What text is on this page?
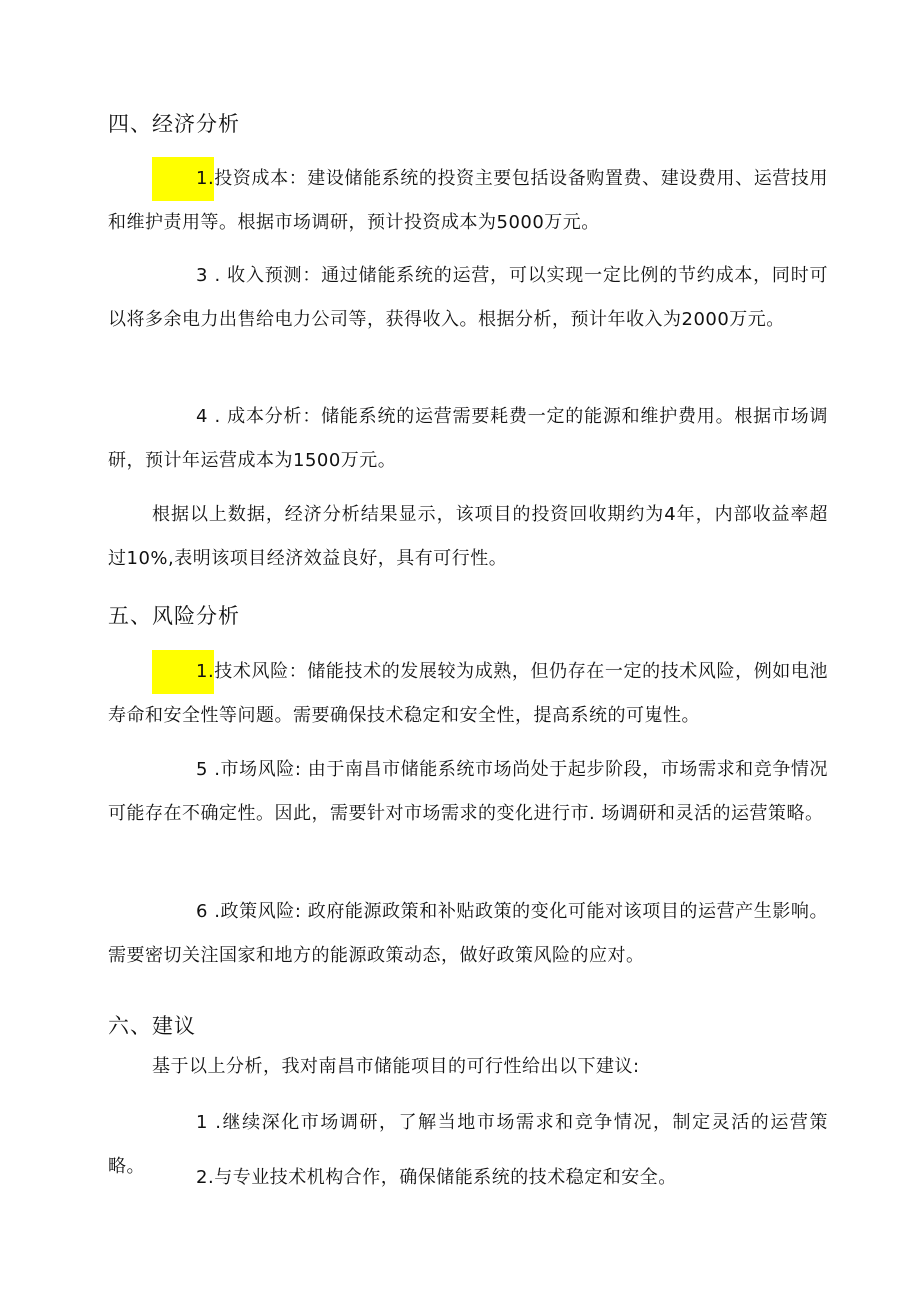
四、经济分析

1.投资成本：建设储能系统的投资主要包括设备购置费、建设费用、运营技用和维护责用等。根据市场调研，预计投资成本为5000万元。

3 . 收入预测：通过储能系统的运营，可以实现一定比例的节约成本，同时可以将多余电力出售给电力公司等，获得收入。根据分析，预计年收入为2000万元。

4 . 成本分析：储能系统的运营需要耗费一定的能源和维护费用。根据市场调研，预计年运营成本为1500万元。

根据以上数据，经济分析结果显示，该项目的投资回收期约为4年，内部收益率超过10%,表明该项目经济效益良好，具有可行性。

五、风险分析

1.技术风险：储能技术的发展较为成熟，但仍存在一定的技术风险，例如电池寿命和安全性等问题。需要确保技术稳定和安全性，提高系统的可嵬性。

5 .市场风险: 由于南昌市储能系统市场尚处于起步阶段，市场需求和竞争情况可能存在不确定性。因此，需要针对市场需求的变化进行市. 场调研和灵活的运营策略。

6 .政策风险: 政府能源政策和补贴政策的变化可能对该项目的运营产生影响。需要密切关注国家和地方的能源政策动态，做好政策风险的应对。

六、建议

基于以上分析，我对南昌市储能项目的可行性给出以下建议:

1 .继续深化市场调研，了解当地市场需求和竞争情况，制定灵活的运营策略。

2.与专业技术机构合作，确保储能系统的技术稳定和安全。
